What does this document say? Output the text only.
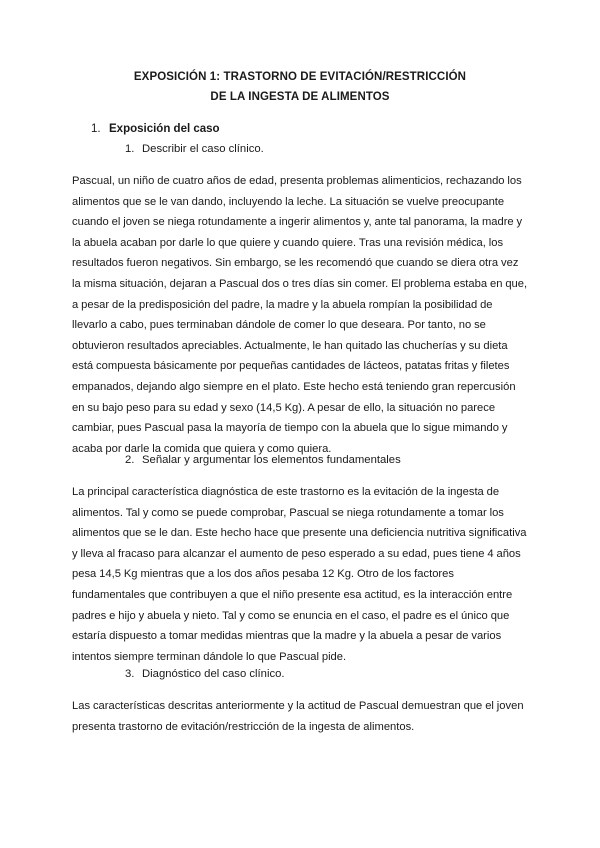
EXPOSICIÓN 1: TRASTORNO DE EVITACIÓN/RESTRICCIÓN
DE LA INGESTA DE ALIMENTOS
1. Exposición del caso
1. Describir el caso clínico.
Pascual, un niño de cuatro años de edad, presenta problemas alimenticios, rechazando los
alimentos que se le van dando, incluyendo la leche. La situación se vuelve preocupante
cuando el joven se niega rotundamente a ingerir alimentos y, ante tal panorama, la madre y
la abuela acaban por darle lo que quiere y cuando quiere. Tras una revisión médica, los
resultados fueron negativos. Sin embargo, se les recomendó que cuando se diera otra vez
la misma situación, dejaran a Pascual dos o tres días sin comer. El problema estaba en que,
a pesar de la predisposición del padre, la madre y la abuela rompían la posibilidad de
llevarlo a cabo, pues terminaban dándole de comer lo que deseara. Por tanto, no se
obtuvieron resultados apreciables. Actualmente, le han quitado las chucherías y su dieta
está compuesta básicamente por pequeñas cantidades de lácteos, patatas fritas y filetes
empanados, dejando algo siempre en el plato. Este hecho está teniendo gran repercusión
en su bajo peso para su edad y sexo (14,5 Kg). A pesar de ello, la situación no parece
cambiar, pues Pascual pasa la mayoría de tiempo con la abuela que lo sigue mimando y
acaba por darle la comida que quiera y como quiera.
2. Señalar y argumentar los elementos fundamentales
La principal característica diagnóstica de este trastorno es la evitación de la ingesta de
alimentos. Tal y como se puede comprobar, Pascual se niega rotundamente a tomar los
alimentos que se le dan. Este hecho hace que presente una deficiencia nutritiva significativa
y lleva al fracaso para alcanzar el aumento de peso esperado a su edad, pues tiene 4 años
pesa 14,5 Kg mientras que a los dos años pesaba 12 Kg. Otro de los factores
fundamentales que contribuyen a que el niño presente esa actitud, es la interacción entre
padres e hijo y abuela y nieto. Tal y como se enuncia en el caso, el padre es el único que
estaría dispuesto a tomar medidas mientras que la madre y la abuela a pesar de varios
intentos siempre terminan dándole lo que Pascual pide.
3. Diagnóstico del caso clínico.
Las características descritas anteriormente y la actitud de Pascual demuestran que el joven
presenta trastorno de evitación/restricción de la ingesta de alimentos.
